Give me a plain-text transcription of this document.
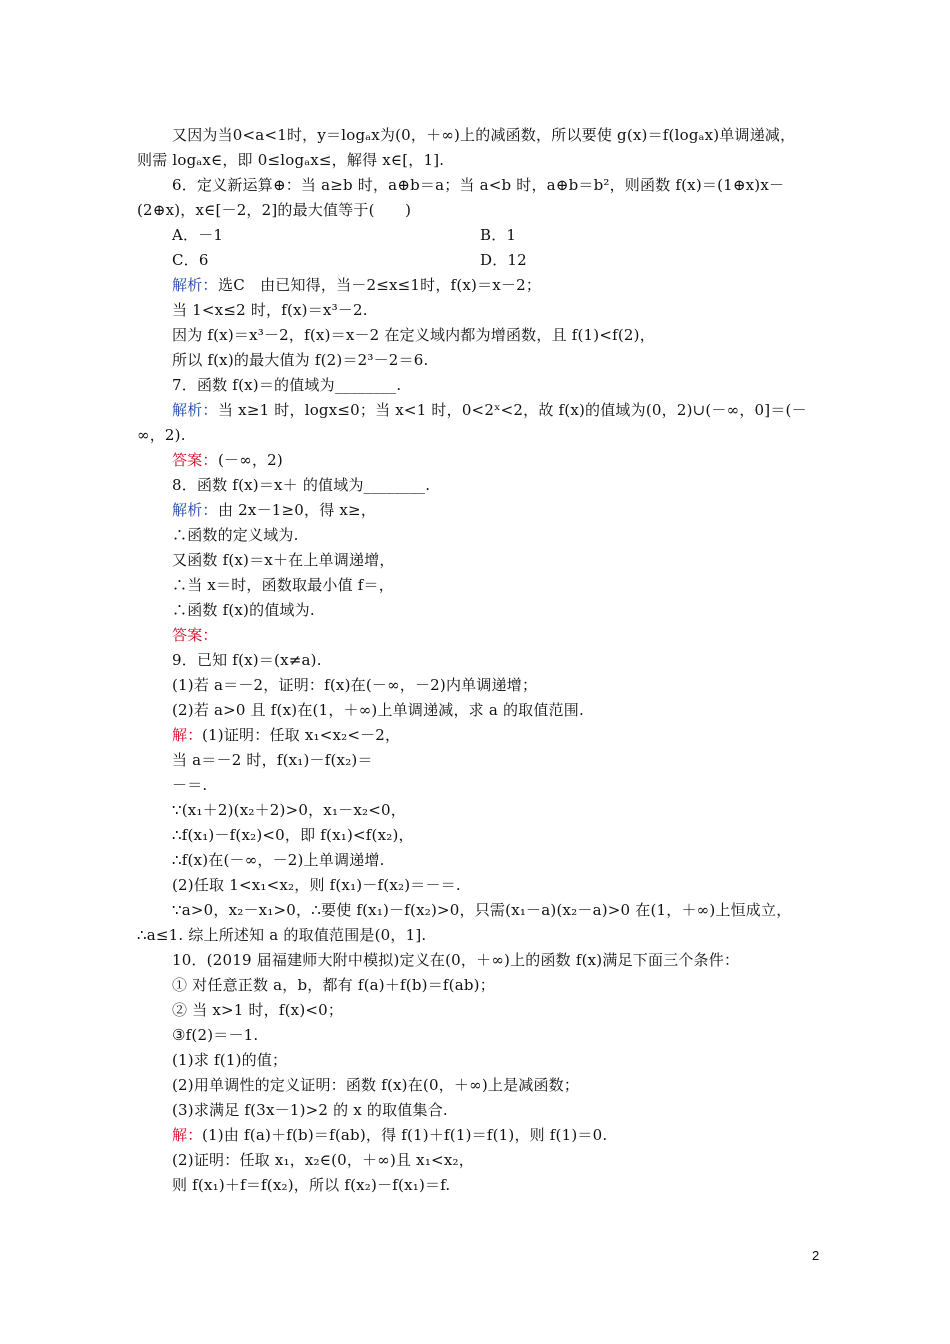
又因为当0<a<1时，y＝logₐx为(0，＋∞)上的减函数，所以要使 g(x)＝f(logₐx)单调递减，
则需 logₐx∈，即 0≤logₐx≤，解得 x∈[，1].
6．定义新运算⊕：当 a≥b 时，a⊕b＝a；当 a<b 时，a⊕b＝b²，则函数 f(x)＝(1⊕x)x－
(2⊕x)，x∈[－2，2]的最大值等于(　　)
A．－1	B．1
C．6	D．12
解析： 选C　由已知得，当－2≤x≤1时，f(x)＝x－2；
当 1<x≤2 时，f(x)＝x³－2.
因为 f(x)＝x³－2，f(x)＝x－2 在定义域内都为增函数，且 f(1)<f(2)，
所以 f(x)的最大值为 f(2)＝2³－2＝6.
7．函数 f(x)＝的值域为________.
解析： 当 x≥1 时，logx≤0；当 x<1 时，0<2ˣ<2，故 f(x)的值域为(0，2)∪(－∞，0]＝(－
∞，2).
答案： (－∞，2)
8．函数 f(x)＝x＋ 的值域为________.
解析： 由 2x－1≥0，得 x≥，
∴函数的定义域为.
又函数 f(x)＝x＋在上单调递增，
∴当 x＝时，函数取最小值 f＝，
∴函数 f(x)的值域为.
答案：
9．已知 f(x)＝(x≠a).
(1)若 a＝－2，证明：f(x)在(－∞，－2)内单调递增；
(2)若 a>0 且 f(x)在(1，＋∞)上单调递减，求 a 的取值范围.
解： (1)证明：任取 x₁<x₂<－2，
当 a＝－2 时，f(x₁)－f(x₂)＝
－＝.
∵(x₁＋2)(x₂＋2)>0，x₁－x₂<0，
∴f(x₁)－f(x₂)<0，即 f(x₁)<f(x₂)，
∴f(x)在(－∞，－2)上单调递增.
(2)任取 1<x₁<x₂，则 f(x₁)－f(x₂)＝－＝.
∵a>0，x₂－x₁>0，∴要使 f(x₁)－f(x₂)>0，只需(x₁－a)(x₂－a)>0 在(1，＋∞)上恒成立，
∴a≤1. 综上所述知 a 的取值范围是(0，1].
10．(2019 届福建师大附中模拟)定义在(0，＋∞)上的函数 f(x)满足下面三个条件：
① 对任意正数 a，b，都有 f(a)＋f(b)＝f(ab)；
② 当 x>1 时，f(x)<0；
③f(2)＝－1.
(1)求 f(1)的值；
(2)用单调性的定义证明：函数 f(x)在(0，＋∞)上是减函数；
(3)求满足 f(3x－1)>2 的 x 的取值集合.
解： (1)由 f(a)＋f(b)＝f(ab)，得 f(1)＋f(1)＝f(1)，则 f(1)＝0.
(2)证明：任取 x₁，x₂∈(0，＋∞)且 x₁<x₂，
则 f(x₁)＋f＝f(x₂)，所以 f(x₂)－f(x₁)＝f.
2
